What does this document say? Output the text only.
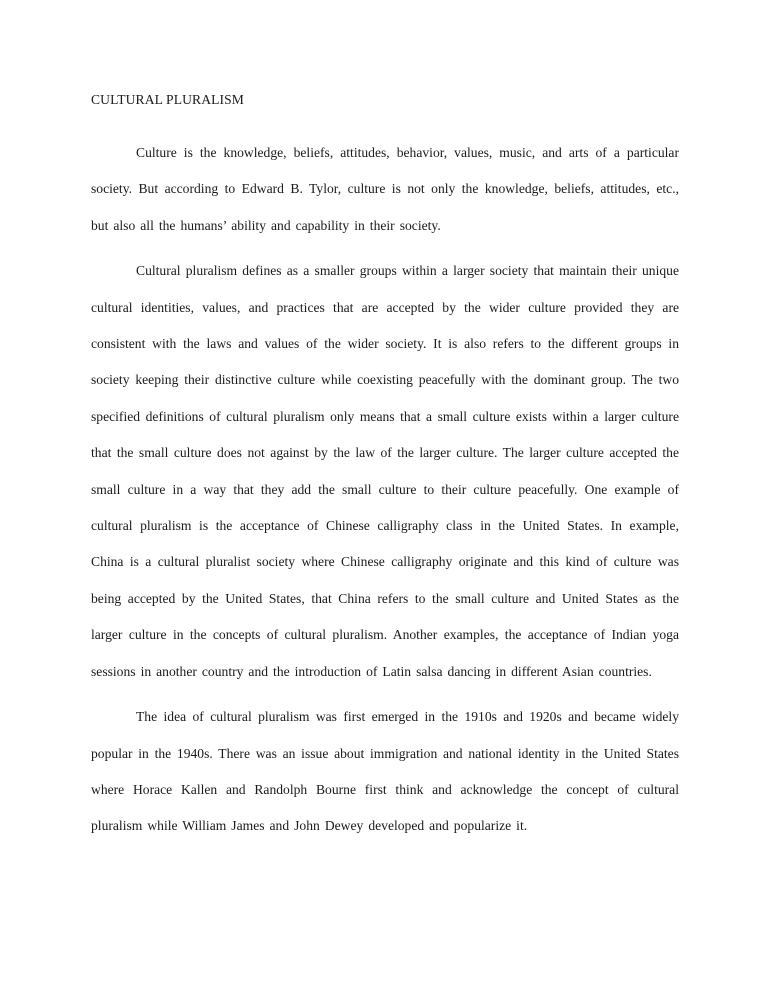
CULTURAL PLURALISM

Culture is the knowledge, beliefs, attitudes, behavior, values, music, and arts of a particular society. But according to Edward B. Tylor, culture is not only the knowledge, beliefs, attitudes, etc., but also all the humans’ ability and capability in their society.

Cultural pluralism defines as a smaller groups within a larger society that maintain their unique cultural identities, values, and practices that are accepted by the wider culture provided they are consistent with the laws and values of the wider society. It is also refers to the different groups in society keeping their distinctive culture while coexisting peacefully with the dominant group. The two specified definitions of cultural pluralism only means that a small culture exists within a larger culture that the small culture does not against by the law of the larger culture. The larger culture accepted the small culture in a way that they add the small culture to their culture peacefully. One example of cultural pluralism is the acceptance of Chinese calligraphy class in the United States. In example, China is a cultural pluralist society where Chinese calligraphy originate and this kind of culture was being accepted by the United States, that China refers to the small culture and United States as the larger culture in the concepts of cultural pluralism. Another examples, the acceptance of Indian yoga sessions in another country and the introduction of Latin salsa dancing in different Asian countries.

The idea of cultural pluralism was first emerged in the 1910s and 1920s and became widely popular in the 1940s. There was an issue about immigration and national identity in the United States where Horace Kallen and Randolph Bourne first think and acknowledge the concept of cultural pluralism while William James and John Dewey developed and popularize it.
